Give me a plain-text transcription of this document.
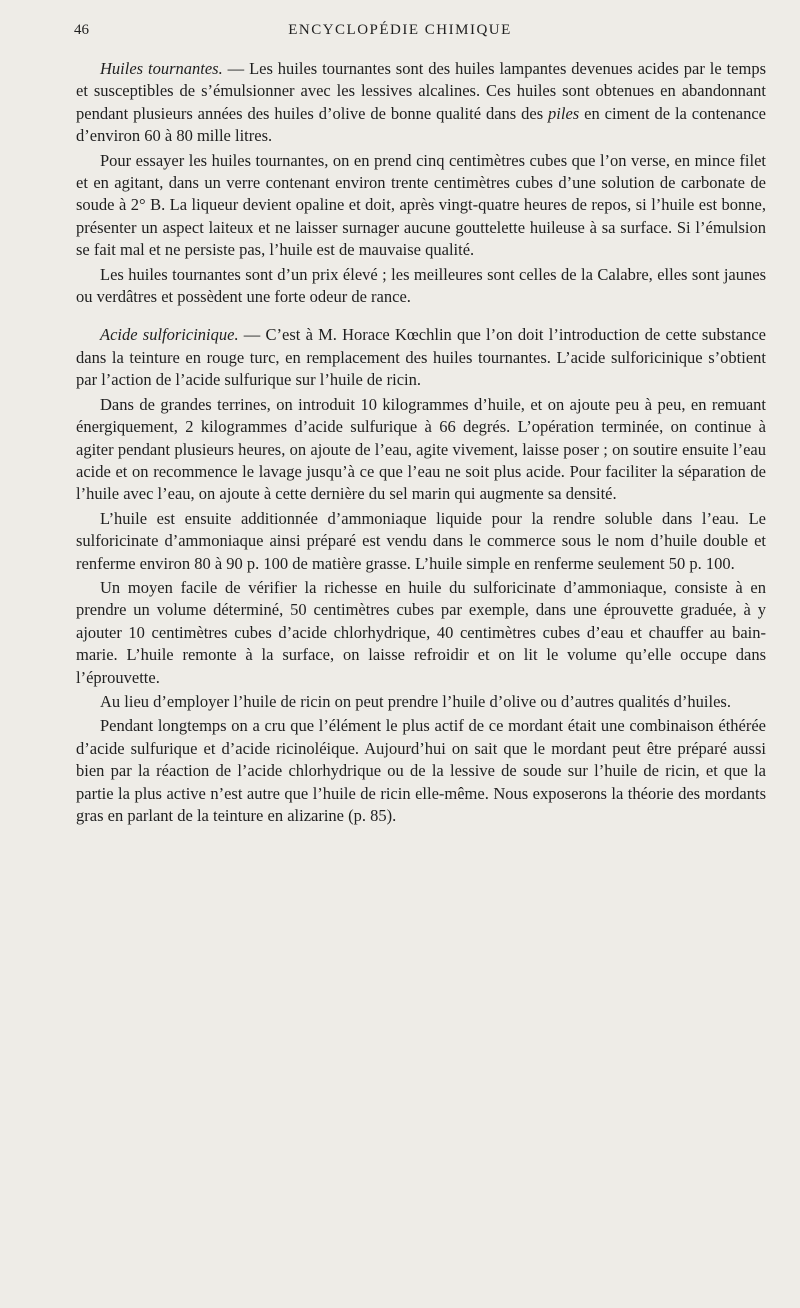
46	ENCYCLOPÉDIE CHIMIQUE

Huiles tournantes. — Les huiles tournantes sont des huiles lampantes devenues acides par le temps et susceptibles de s’émulsionner avec les lessives alcalines. Ces huiles sont obtenues en abandonnant pendant plusieurs années des huiles d’olive de bonne qualité dans des piles en ciment de la contenance d’environ 60 à 80 mille litres.

Pour essayer les huiles tournantes, on en prend cinq centimètres cubes que l’on verse, en mince filet et en agitant, dans un verre contenant environ trente centimètres cubes d’une solution de carbonate de soude à 2° B. La liqueur devient opaline et doit, après vingt-quatre heures de repos, si l’huile est bonne, présenter un aspect laiteux et ne laisser surnager aucune gouttelette huileuse à sa surface. Si l’émulsion se fait mal et ne persiste pas, l’huile est de mauvaise qualité.

Les huiles tournantes sont d’un prix élevé ; les meilleures sont celles de la Calabre, elles sont jaunes ou verdâtres et possèdent une forte odeur de rance.

Acide sulforicinique. — C’est à M. Horace Kœchlin que l’on doit l’introduction de cette substance dans la teinture en rouge turc, en remplacement des huiles tournantes. L’acide sulforicinique s’obtient par l’action de l’acide sulfurique sur l’huile de ricin.

Dans de grandes terrines, on introduit 10 kilogrammes d’huile, et on ajoute peu à peu, en remuant énergiquement, 2 kilogrammes d’acide sulfurique à 66 degrés. L’opération terminée, on continue à agiter pendant plusieurs heures, on ajoute de l’eau, agite vivement, laisse poser ; on soutire ensuite l’eau acide et on recommence le lavage jusqu’à ce que l’eau ne soit plus acide. Pour faciliter la séparation de l’huile avec l’eau, on ajoute à cette dernière du sel marin qui augmente sa densité.

L’huile est ensuite additionnée d’ammoniaque liquide pour la rendre soluble dans l’eau. Le sulforicinate d’ammoniaque ainsi préparé est vendu dans le commerce sous le nom d’huile double et renferme environ 80 à 90 p. 100 de matière grasse. L’huile simple en renferme seulement 50 p. 100.

Un moyen facile de vérifier la richesse en huile du sulforicinate d’ammoniaque, consiste à en prendre un volume déterminé, 50 centimètres cubes par exemple, dans une éprouvette graduée, à y ajouter 10 centimètres cubes d’acide chlorhydrique, 40 centimètres cubes d’eau et chauffer au bain-marie. L’huile remonte à la surface, on laisse refroidir et on lit le volume qu’elle occupe dans l’éprouvette.

Au lieu d’employer l’huile de ricin on peut prendre l’huile d’olive ou d’autres qualités d’huiles.

Pendant longtemps on a cru que l’élément le plus actif de ce mordant était une combinaison éthérée d’acide sulfurique et d’acide ricinoléique. Aujourd’hui on sait que le mordant peut être préparé aussi bien par la réaction de l’acide chlorhydrique ou de la lessive de soude sur l’huile de ricin, et que la partie la plus active n’est autre que l’huile de ricin elle-même. Nous exposerons la théorie des mordants gras en parlant de la teinture en alizarine (p. 85).
